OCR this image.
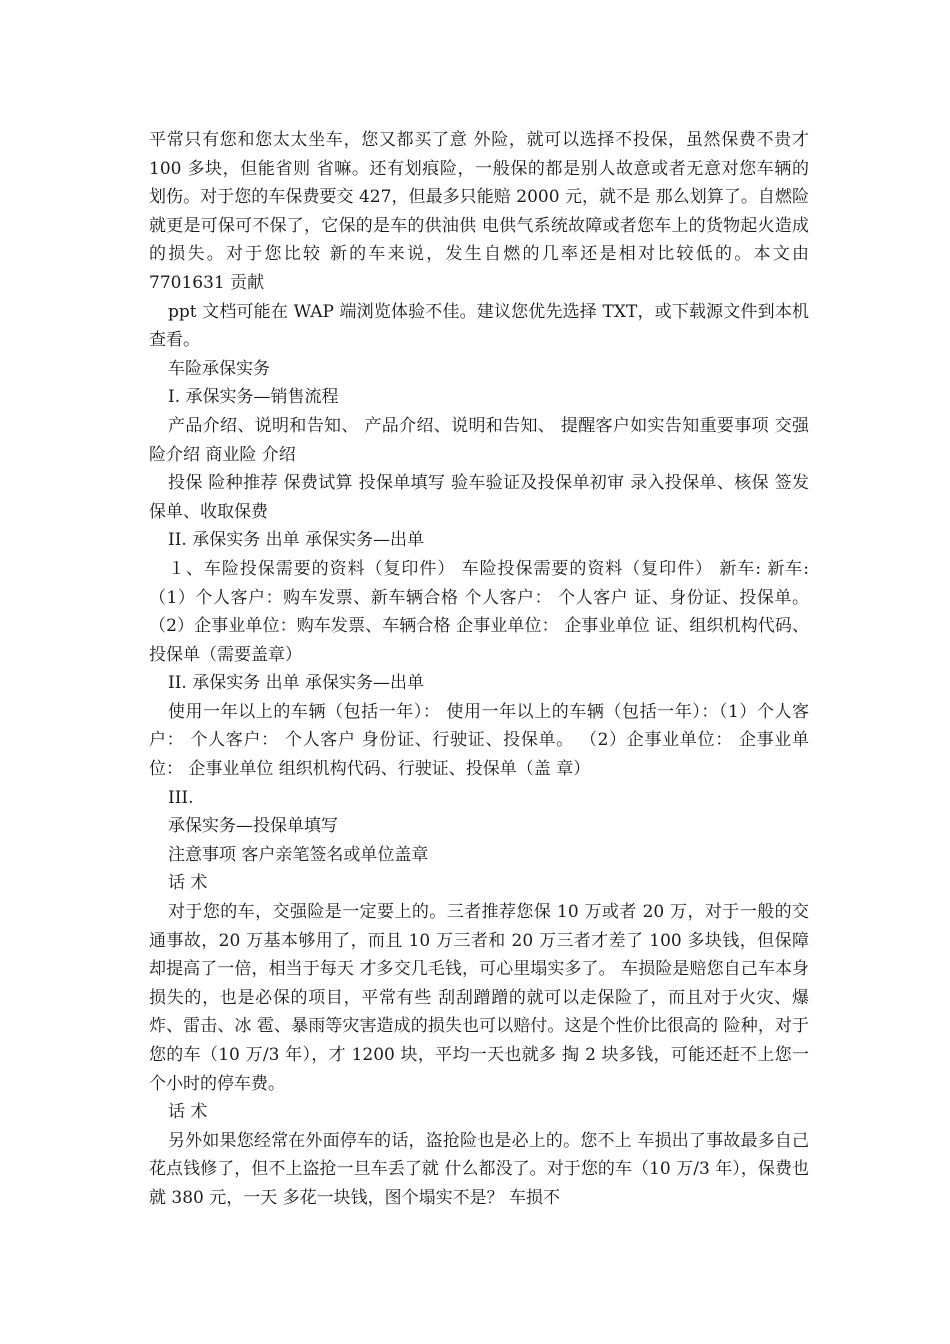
平常只有您和您太太坐车，您又都买了意 外险，就可以选择不投保，虽然保费不贵才 100 多块，但能省则 省嘛。还有划痕险，一般保的都是别人故意或者无意对您车辆的 划伤。对于您的车保费要交 427，但最多只能赔 2000 元，就不是 那么划算了。自燃险就更是可保可不保了，它保的是车的供油供 电供气系统故障或者您车上的货物起火造成的损失。对于您比较 新的车来说，发生自燃的几率还是相对比较低的。本文由 7701631 贡献

ppt 文档可能在 WAP 端浏览体验不佳。建议您优先选择 TXT，或下载源文件到本机查看。

车险承保实务

I. 承保实务—销售流程

产品介绍、说明和告知、 产品介绍、说明和告知、 提醒客户如实告知重要事项 交强险介绍 商业险 介绍

投保 险种推荐 保费试算 投保单填写 验车验证及投保单初审 录入投保单、核保 签发保单、收取保费

II. 承保实务 出单 承保实务—出单

１、车险投保需要的资料（复印件） 车险投保需要的资料（复印件） 新车: 新车: （1）个人客户：购车发票、新车辆合格 个人客户： 个人客户 证、身份证、投保单。 （2）企事业单位：购车发票、车辆合格 企事业单位： 企事业单位 证、组织机构代码、投保单（需要盖章）

II. 承保实务 出单 承保实务—出单

使用一年以上的车辆（包括一年）： 使用一年以上的车辆（包括一年）：（1）个人客户： 个人客户： 个人客户 身份证、行驶证、投保单。 （2）企事业单位： 企事业单位： 企事业单位 组织机构代码、行驶证、投保单（盖 章）

III.

承保实务—投保单填写

注意事项 客户亲笔签名或单位盖章

话 术

对于您的车，交强险是一定要上的。三者推荐您保 10 万或者 20 万，对于一般的交通事故，20 万基本够用了，而且 10 万三者和 20 万三者才差了 100 多块钱，但保障却提高了一倍，相当于每天 才多交几毛钱，可心里塌实多了。 车损险是赔您自己车本身损失的，也是必保的项目，平常有些 刮刮蹭蹭的就可以走保险了，而且对于火灾、爆炸、雷击、冰 雹、暴雨等灾害造成的损失也可以赔付。这是个性价比很高的 险种，对于您的车（10 万/3 年），才 1200 块，平均一天也就多 掏 2 块多钱，可能还赶不上您一个小时的停车费。

话 术

另外如果您经常在外面停车的话，盗抢险也是必上的。您不上 车损出了事故最多自己花点钱修了，但不上盗抢一旦车丢了就 什么都没了。对于您的车（10 万/3 年），保费也就 380 元，一天 多花一块钱，图个塌实不是？ 车损不
